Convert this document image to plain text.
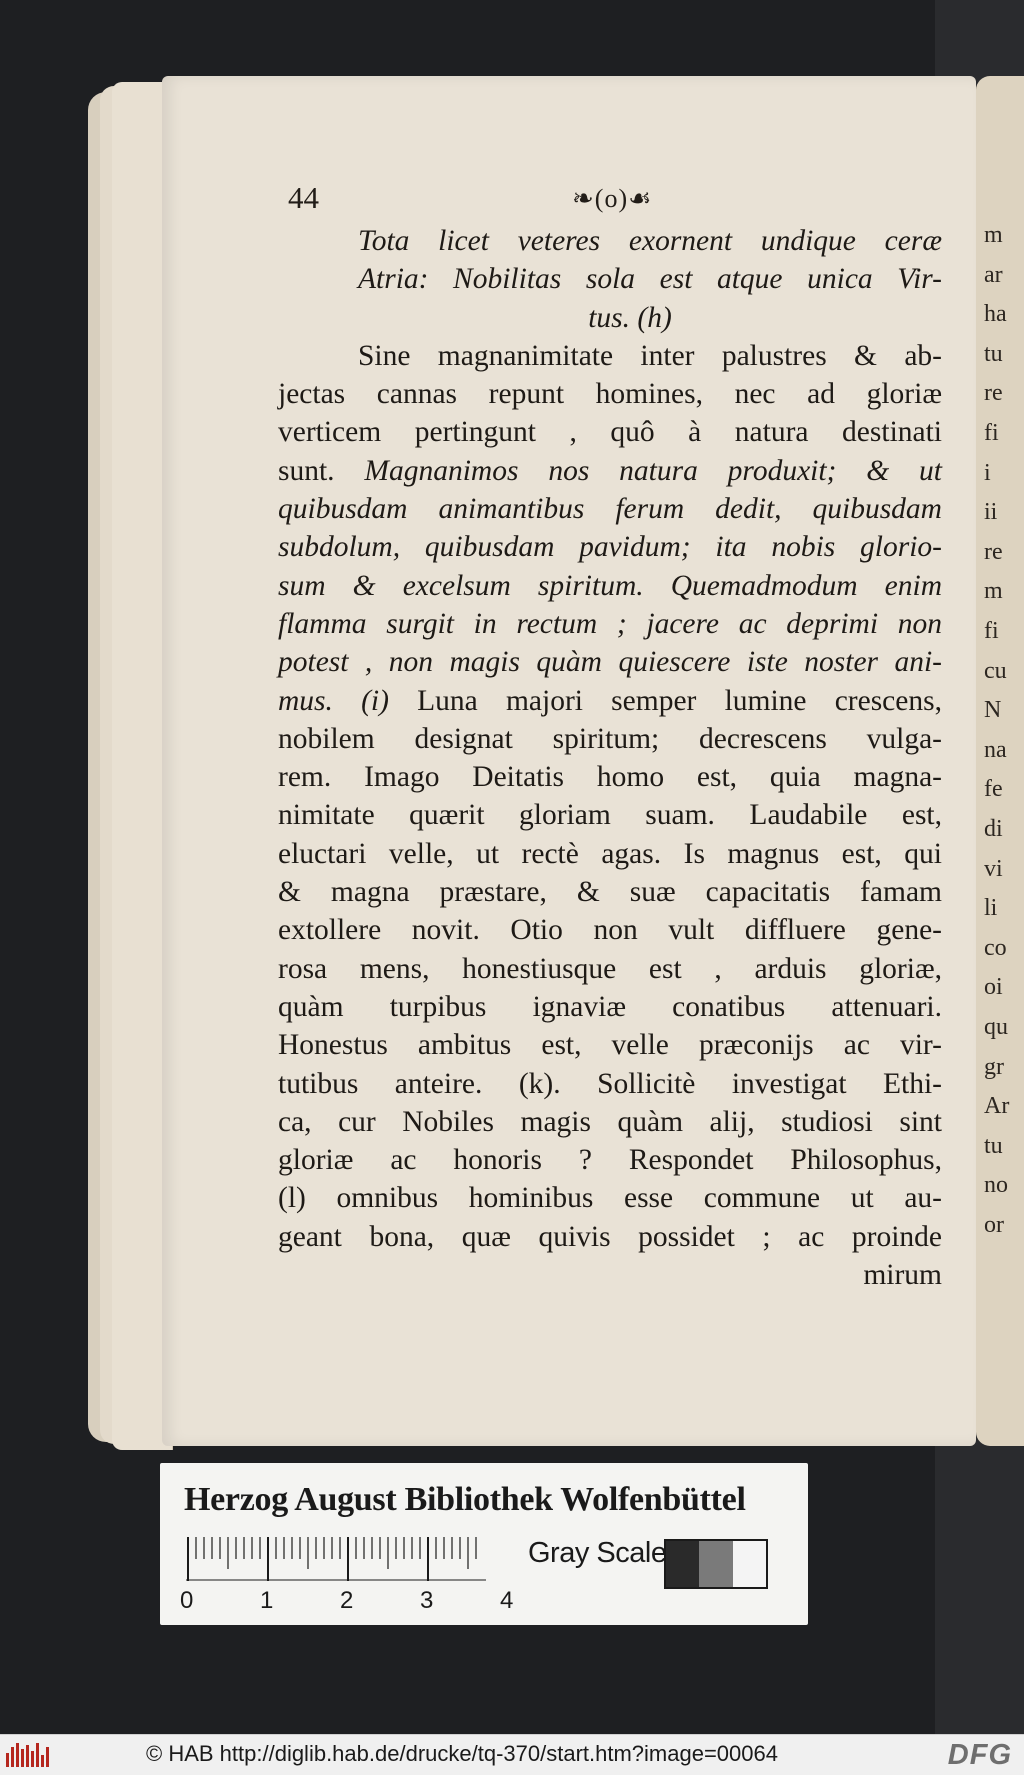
m
ar
ha
tu
re
fi
i
ii
re
m
fi
cu
N
na
fe
di
vi
li
co
oi
qu
gr
Ar
tu
no
or
44	❧(o)☙
Tota licet veteres exornent undique ceræ
Atria: Nobilitas sola est atque unica Vir-
tus. (h)
Sine magnanimitate inter palustres & ab-
jectas cannas repunt homines, nec ad gloriæ
verticem pertingunt , quô à natura destinati
sunt. Magnanimos nos natura produxit; & ut
quibusdam animantibus ferum dedit, quibusdam
subdolum, quibusdam pavidum; ita nobis glorio-
sum & excelsum spiritum. Quemadmodum enim
flamma surgit in rectum ; jacere ac deprimi non
potest , non magis quàm quiescere iste noster ani-
mus. (i) Luna majori semper lumine crescens,
nobilem designat spiritum; decrescens vulga-
rem. Imago Deitatis homo est, quia magna-
nimitate quærit gloriam suam. Laudabile est,
eluctari velle, ut rectè agas. Is magnus est, qui
& magna præstare, & suæ capacitatis famam
extollere novit. Otio non vult diffluere gene-
rosa mens, honestiusque est , arduis gloriæ,
quàm turpibus ignaviæ conatibus attenuari.
Honestus ambitus est, velle præconijs ac vir-
tutibus anteire. (k). Sollicitè investigat Ethi-
ca, cur Nobiles magis quàm alij, studiosi sint
gloriæ ac honoris ? Respondet Philosophus,
(l) omnibus hominibus esse commune ut au-
geant bona, quæ quivis possidet ; ac proinde
mirum
Herzog August Bibliothek Wolfenbüttel
0	1	2	3	4
Gray Scale
© HAB http://diglib.hab.de/drucke/tq-370/start.htm?image=00064	DFG
